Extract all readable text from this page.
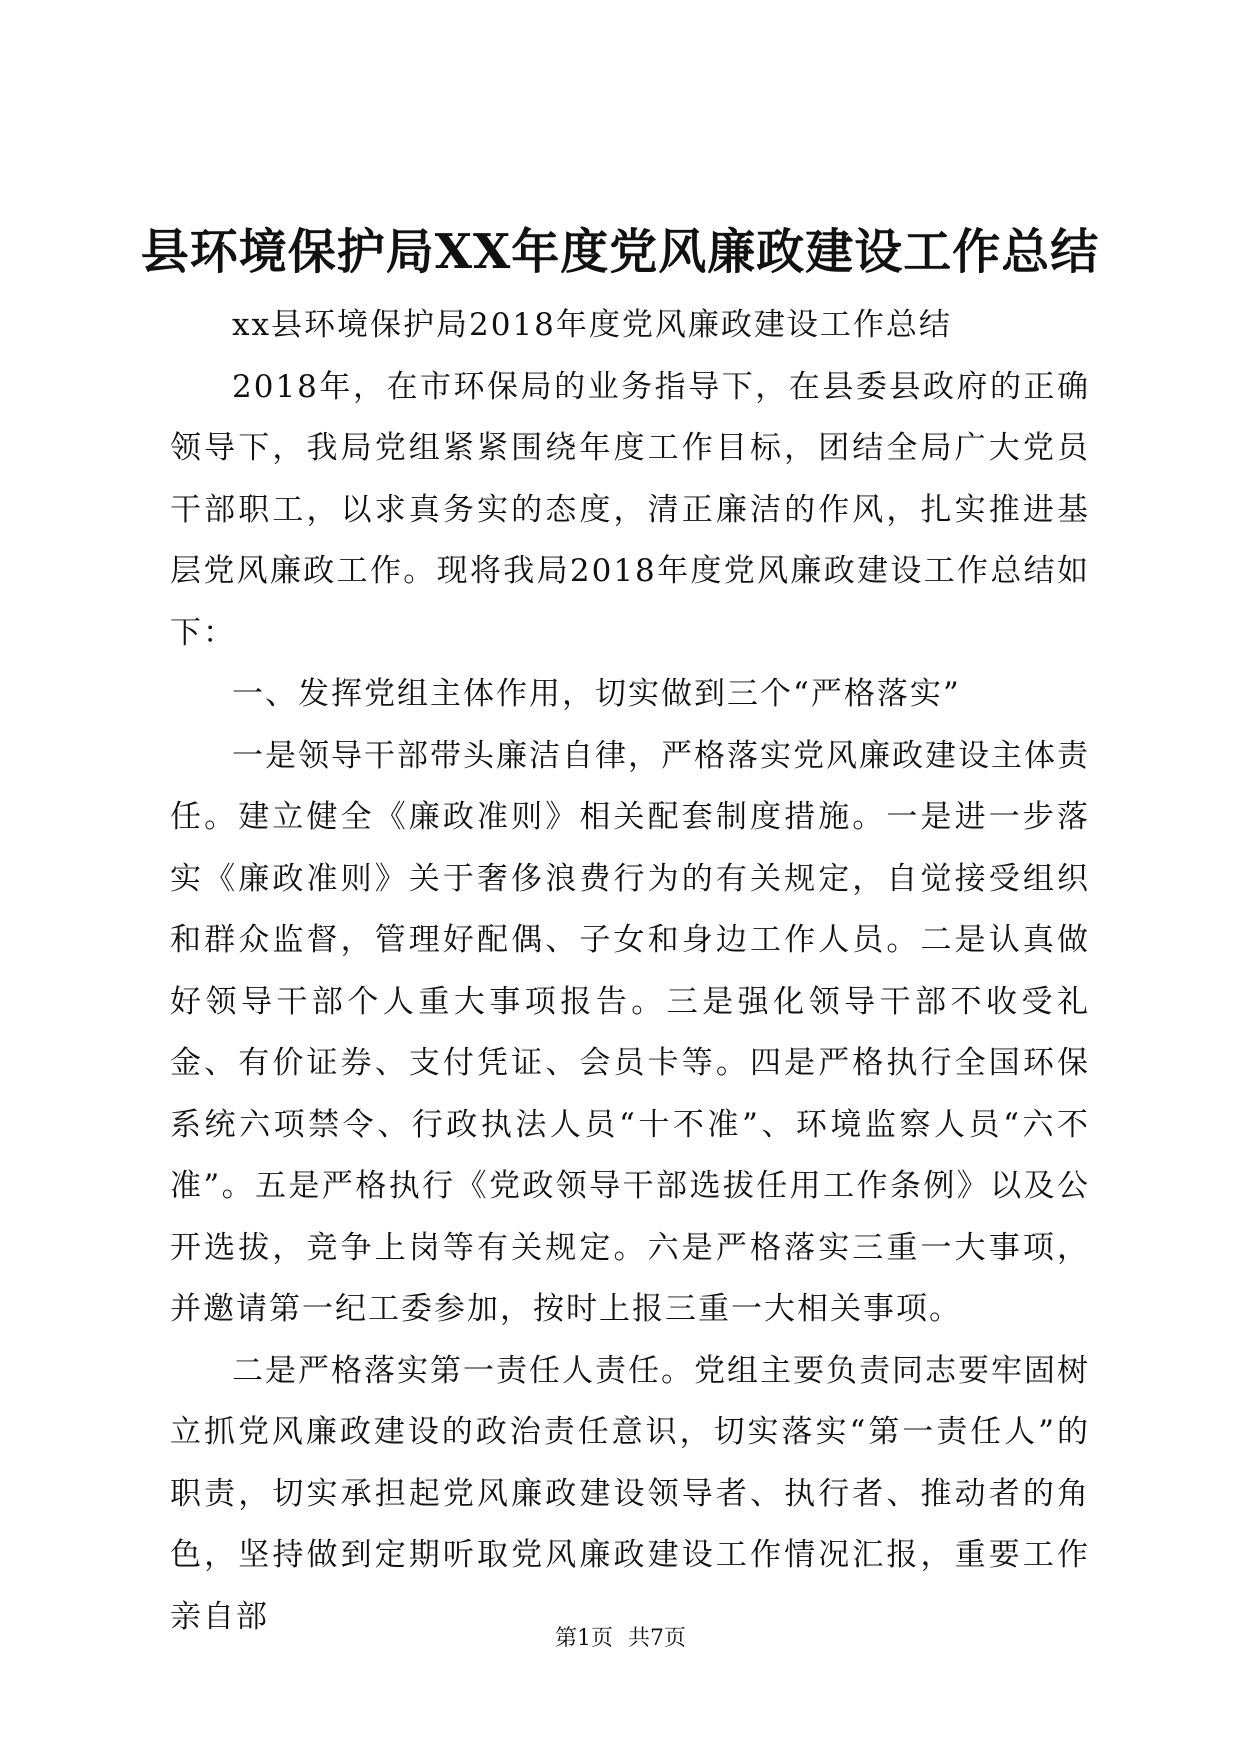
县环境保护局XX年度党风廉政建设工作总结

xx县环境保护局2018年度党风廉政建设工作总结

2018年，在市环保局的业务指导下，在县委县政府的正确领导下，我局党组紧紧围绕年度工作目标，团结全局广大党员干部职工，以求真务实的态度，清正廉洁的作风，扎实推进基层党风廉政工作。现将我局2018年度党风廉政建设工作总结如下：

一、发挥党组主体作用，切实做到三个“严格落实”

一是领导干部带头廉洁自律，严格落实党风廉政建设主体责任。建立健全《廉政准则》相关配套制度措施。一是进一步落实《廉政准则》关于奢侈浪费行为的有关规定，自觉接受组织和群众监督，管理好配偶、子女和身边工作人员。二是认真做好领导干部个人重大事项报告。三是强化领导干部不收受礼金、有价证券、支付凭证、会员卡等。四是严格执行全国环保系统六项禁令、行政执法人员“十不准”、环境监察人员“六不准”。五是严格执行《党政领导干部选拔任用工作条例》以及公开选拔，竞争上岗等有关规定。六是严格落实三重一大事项，并邀请第一纪工委参加，按时上报三重一大相关事项。

二是严格落实第一责任人责任。党组主要负责同志要牢固树立抓党风廉政建设的政治责任意识，切实落实“第一责任人”的职责，切实承担起党风廉政建设领导者、执行者、推动者的角色，坚持做到定期听取党风廉政建设工作情况汇报，重要工作亲自部

第1页 共7页
